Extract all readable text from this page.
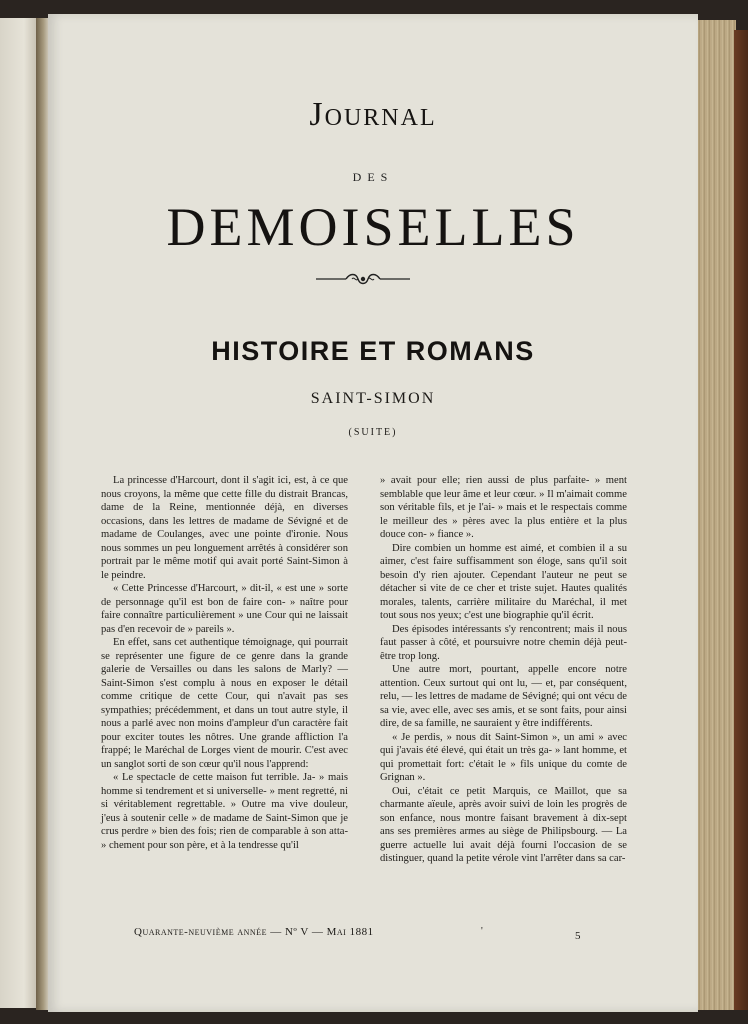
Journal
DES
DEMOISELLES
HISTOIRE ET ROMANS
SAINT-SIMON
(SUITE)

La princesse d'Harcourt, dont il s'agit ici, est, à ce que nous croyons, la même que cette fille du distrait Brancas, dame de la Reine, mentionnée déjà, en diverses occasions, dans les lettres de madame de Sévigné et de madame de Coulanges, avec une pointe d'ironie. Nous nous sommes un peu longuement arrêtés à considérer son portrait par le même motif qui avait porté Saint-Simon à le peindre.

« Cette Princesse d'Harcourt, » dit-il, « est une » sorte de personnage qu'il est bon de faire con- » naître pour faire connaître particulièrement » une Cour qui ne laissait pas d'en recevoir de » pareils ».

En effet, sans cet authentique témoignage, qui pourrait se représenter une figure de ce genre dans la grande galerie de Versailles ou dans les salons de Marly? — Saint-Simon s'est complu à nous en exposer le détail comme critique de cette Cour, qui n'avait pas ses sympathies; précédemment, et dans un tout autre style, il nous a parlé avec non moins d'ampleur d'un caractère fait pour exciter toutes les nôtres. Une grande affliction l'a frappé; le Maréchal de Lorges vient de mourir. C'est avec un sanglot sorti de son cœur qu'il nous l'apprend:

« Le spectacle de cette maison fut terrible. Ja- » mais homme si tendrement et si universelle- » ment regretté, ni si véritablement regrettable. » Outre ma vive douleur, j'eus à soutenir celle » de madame de Saint-Simon que je crus perdre » bien des fois; rien de comparable à son atta- » chement pour son père, et à la tendresse qu'il

» avait pour elle; rien aussi de plus parfaite- » ment semblable que leur âme et leur cœur. » Il m'aimait comme son véritable fils, et je l'ai- » mais et le respectais comme le meilleur des » pères avec la plus entière et la plus douce con- » fiance ».

Dire combien un homme est aimé, et combien il a su aimer, c'est faire suffisamment son éloge, sans qu'il soit besoin d'y rien ajouter. Cependant l'auteur ne peut se détacher si vite de ce cher et triste sujet. Hautes qualités morales, talents, carrière militaire du Maréchal, il met tout sous nos yeux; c'est une biographie qu'il écrit.

Des épisodes intéressants s'y rencontrent; mais il nous faut passer à côté, et poursuivre notre chemin déjà peut-être trop long.

Une autre mort, pourtant, appelle encore notre attention. Ceux surtout qui ont lu, — et, par conséquent, relu, — les lettres de madame de Sévigné; qui ont vécu de sa vie, avec elle, avec ses amis, et se sont faits, pour ainsi dire, de sa famille, ne sauraient y être indifférents.

« Je perdis, » nous dit Saint-Simon », un ami » avec qui j'avais été élevé, qui était un très ga- » lant homme, et qui promettait fort: c'était le » fils unique du comte de Grignan ».

Oui, c'était ce petit Marquis, ce Maillot, que sa charmante aïeule, après avoir suivi de loin les progrès de son enfance, nous montre faisant bravement à dix-sept ans ses premières armes au siège de Philipsbourg. — La guerre actuelle lui avait déjà fourni l'occasion de se distinguer, quand la petite vérole vint l'arrêter dans sa car-

Quarante-neuvième année — Nº V — Mai 1881	'	5
